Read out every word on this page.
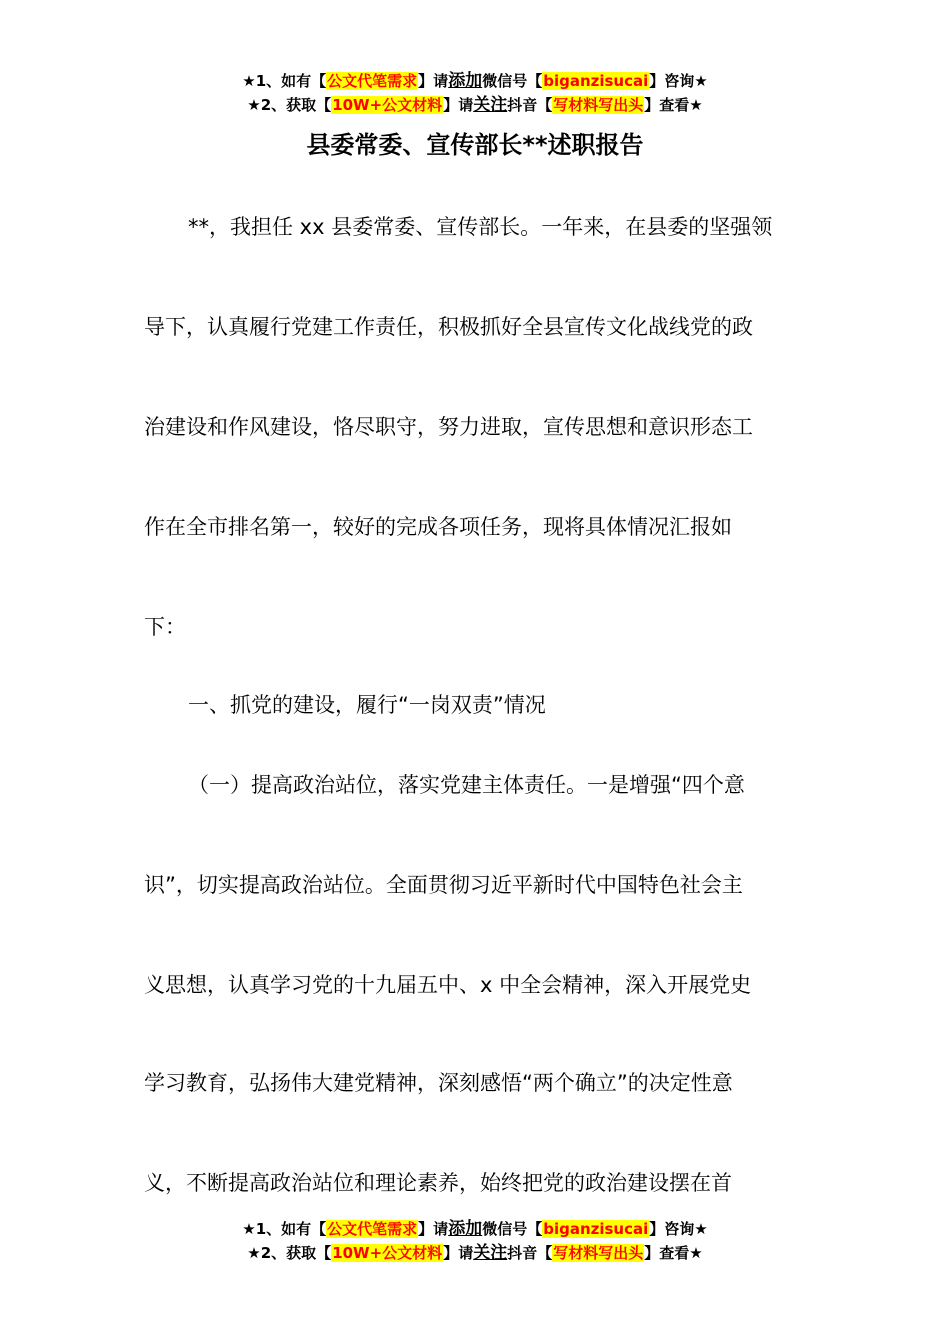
★1、如有【公文代笔需求】请添加微信号【biganzisucai】咨询★
★2、获取【10W+公文材料】请关注抖音【写材料写出头】查看★
县委常委、宣传部长**述职报告
**，我担任 xx 县委常委、宣传部长。一年来，在县委的坚强领
导下，认真履行党建工作责任，积极抓好全县宣传文化战线党的政
治建设和作风建设，恪尽职守，努力进取，宣传思想和意识形态工
作在全市排名第一，较好的完成各项任务，现将具体情况汇报如
下：
一、抓党的建设，履行“一岗双责”情况
（一）提高政治站位，落实党建主体责任。一是增强“四个意
识”，切实提高政治站位。全面贯彻习近平新时代中国特色社会主
义思想，认真学习党的十九届五中、x 中全会精神，深入开展党史
学习教育，弘扬伟大建党精神，深刻感悟“两个确立”的决定性意
义，不断提高政治站位和理论素养，始终把党的政治建设摆在首
★1、如有【公文代笔需求】请添加微信号【biganzisucai】咨询★
★2、获取【10W+公文材料】请关注抖音【写材料写出头】查看★
